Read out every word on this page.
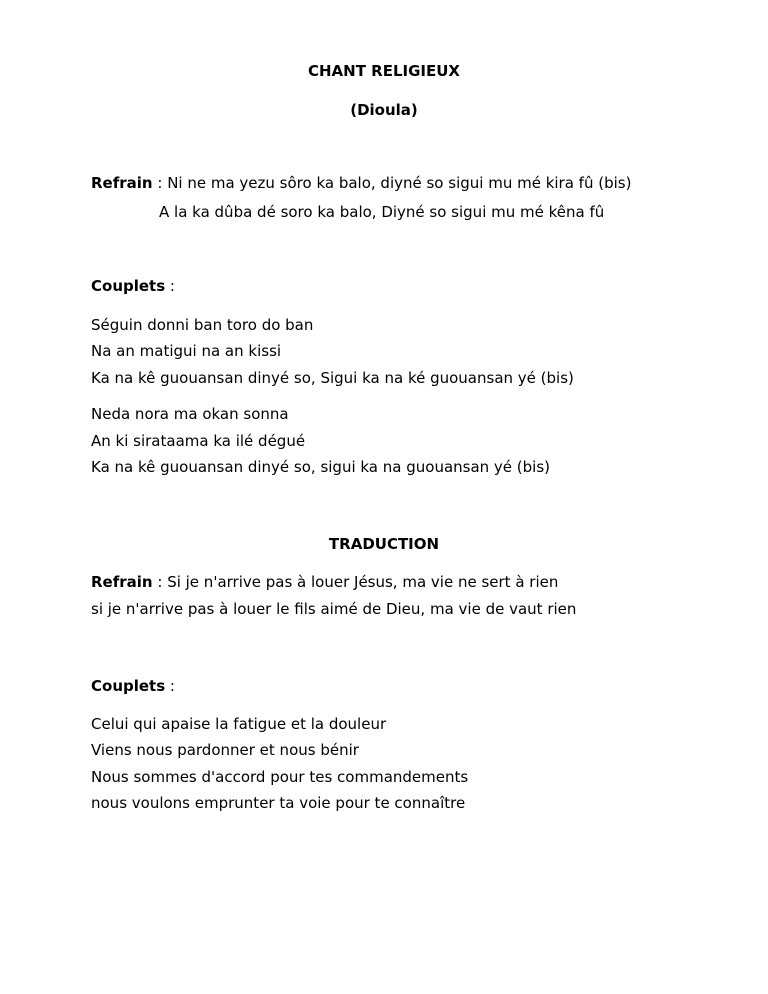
CHANT RELIGIEUX
(Dioula)
Refrain : Ni ne ma yezu sôro ka balo, diyné so sigui mu mé kira fû (bis)
A la ka dûba dé soro ka balo, Diyné so sigui mu mé kêna fû
Couplets :
Séguin donni ban toro do ban
Na an matigui na an kissi
Ka na kê guouansan dinyé so, Sigui ka na ké guouansan yé (bis)
Neda nora ma okan sonna
An ki sirataama ka ilé dégué
Ka na kê guouansan dinyé so, sigui ka na guouansan yé (bis)
TRADUCTION
Refrain : Si je n'arrive pas à louer Jésus, ma vie ne sert à rien
si je n'arrive pas à louer le fils aimé de Dieu, ma vie de vaut rien
Couplets :
Celui qui apaise la fatigue et la douleur
Viens nous pardonner et nous bénir
Nous sommes d'accord pour tes commandements
nous voulons emprunter ta voie pour te connaître
